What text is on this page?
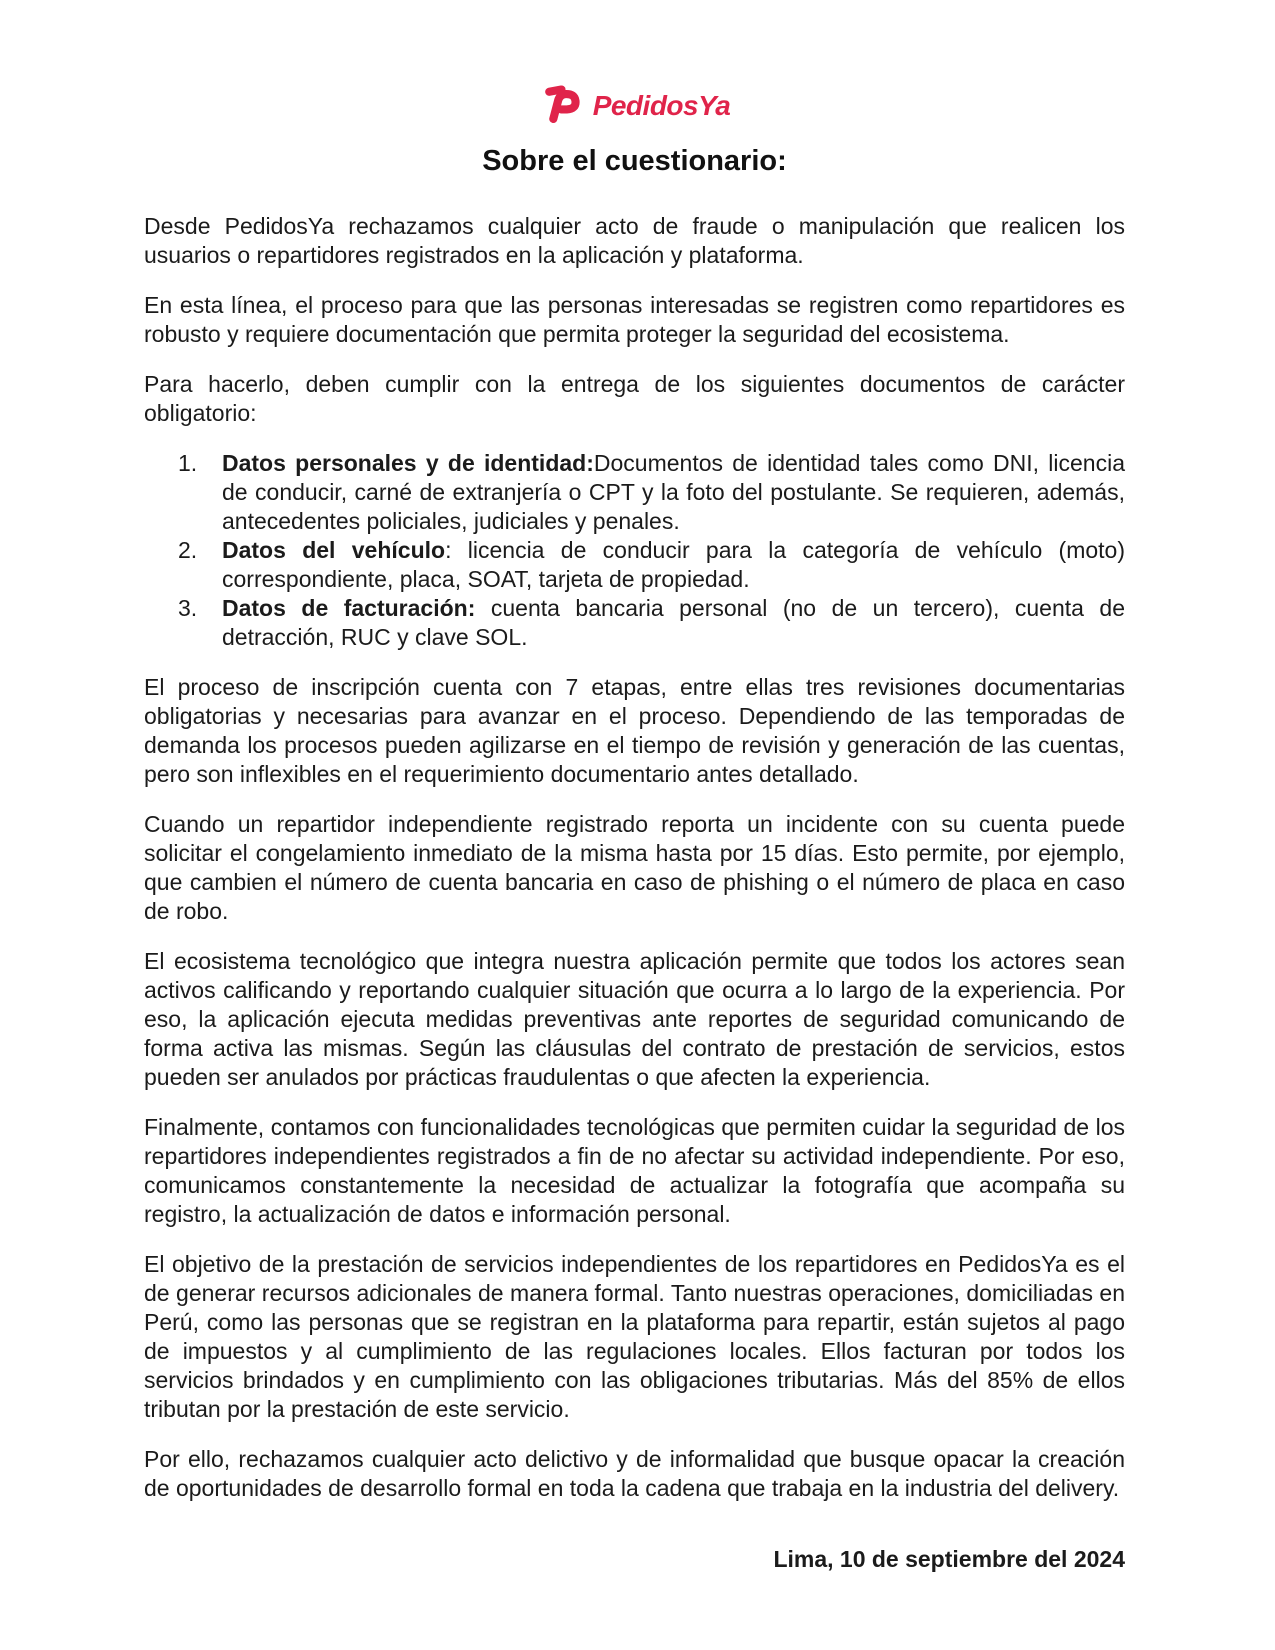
PedidosYa
Sobre el cuestionario:

Desde PedidosYa rechazamos cualquier acto de fraude o manipulación que realicen los usuarios o repartidores registrados en la aplicación y plataforma.

En esta línea, el proceso para que las personas interesadas se registren como repartidores es robusto y requiere documentación que permita proteger la seguridad del ecosistema.

Para hacerlo, deben cumplir con la entrega de los siguientes documentos de carácter obligatorio:

1. Datos personales y de identidad:Documentos de identidad tales como DNI, licencia de conducir, carné de extranjería o CPT y la foto del postulante. Se requieren, además, antecedentes policiales, judiciales y penales.
2. Datos del vehículo: licencia de conducir para la categoría de vehículo (moto) correspondiente, placa, SOAT, tarjeta de propiedad.
3. Datos de facturación: cuenta bancaria personal (no de un tercero), cuenta de detracción, RUC y clave SOL.

El proceso de inscripción cuenta con 7 etapas, entre ellas tres revisiones documentarias obligatorias y necesarias para avanzar en el proceso. Dependiendo de las temporadas de demanda los procesos pueden agilizarse en el tiempo de revisión y generación de las cuentas, pero son inflexibles en el requerimiento documentario antes detallado.

Cuando un repartidor independiente registrado reporta un incidente con su cuenta puede solicitar el congelamiento inmediato de la misma hasta por 15 días. Esto permite, por ejemplo, que cambien el número de cuenta bancaria en caso de phishing o el número de placa en caso de robo.

El ecosistema tecnológico que integra nuestra aplicación permite que todos los actores sean activos calificando y reportando cualquier situación que ocurra a lo largo de la experiencia. Por eso, la aplicación ejecuta medidas preventivas ante reportes de seguridad comunicando de forma activa las mismas. Según las cláusulas del contrato de prestación de servicios, estos pueden ser anulados por prácticas fraudulentas o que afecten la experiencia.

Finalmente, contamos con funcionalidades tecnológicas que permiten cuidar la seguridad de los repartidores independientes registrados a fin de no afectar su actividad independiente. Por eso, comunicamos constantemente la necesidad de actualizar la fotografía que acompaña su registro, la actualización de datos e información personal.

El objetivo de la prestación de servicios independientes de los repartidores en PedidosYa es el de generar recursos adicionales de manera formal. Tanto nuestras operaciones, domiciliadas en Perú, como las personas que se registran en la plataforma para repartir, están sujetos al pago de impuestos y al cumplimiento de las regulaciones locales. Ellos facturan por todos los servicios brindados y en cumplimiento con las obligaciones tributarias. Más del 85% de ellos tributan por la prestación de este servicio.

Por ello, rechazamos cualquier acto delictivo y de informalidad que busque opacar la creación de oportunidades de desarrollo formal en toda la cadena que trabaja en la industria del delivery.

Lima, 10 de septiembre del 2024
